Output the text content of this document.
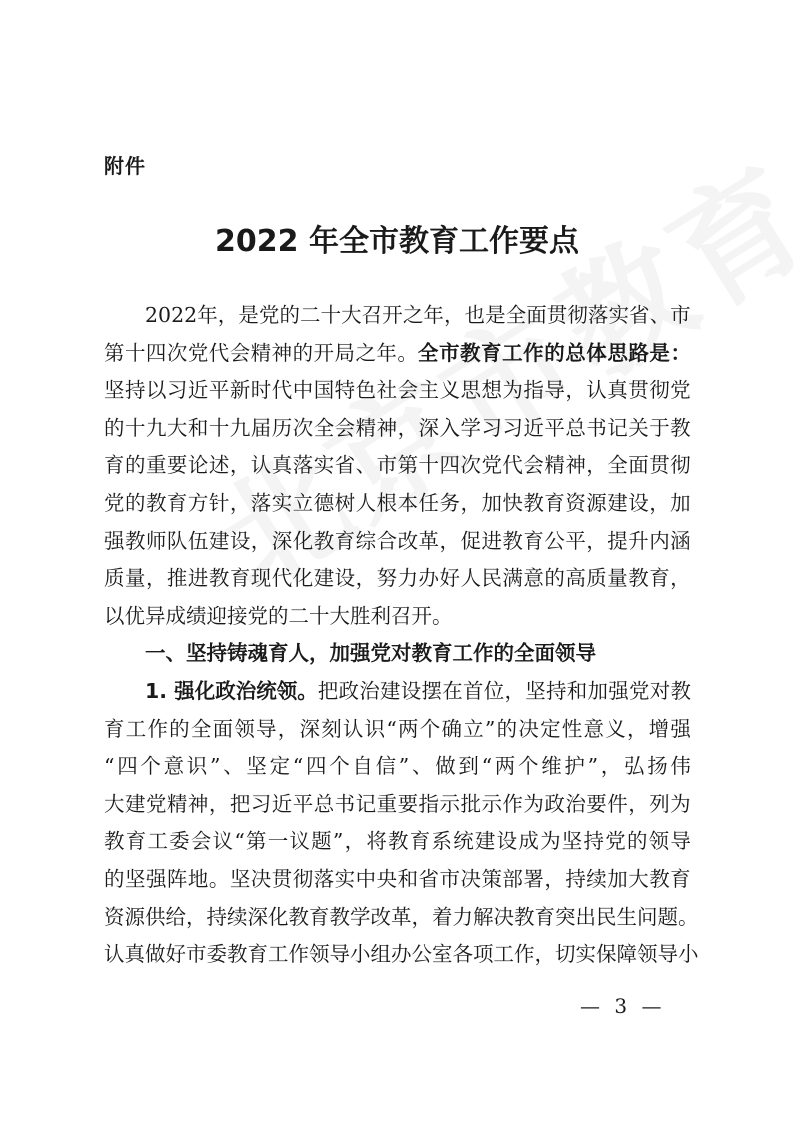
附件
2022 年全市教育工作要点
2022 年 ， 是 党 的 二 十 大 召 开 之 年 ， 也 是 全 面 贯 彻 落 实 省 、 市
第 十 四 次 党 代 会 精 神 的 开 局 之 年 。 全 市 教 育 工 作 的 总 体 思 路 是 ：
坚 持 以 习 近 平 新 时 代 中 国 特 色 社 会 主 义 思 想 为 指 导 ， 认 真 贯 彻 党
的 十 九 大 和 十 九 届 历 次 全 会 精 神 ， 深 入 学 习 习 近 平 总 书 记 关 于 教
育 的 重 要 论 述 ， 认 真 落 实 省 、 市 第 十 四 次 党 代 会 精 神 ， 全 面 贯 彻
党 的 教 育 方 针 ， 落 实 立 德 树 人 根 本 任 务 ， 加 快 教 育 资 源 建 设 ， 加
强 教 师 队 伍 建 设 ， 深 化 教 育 综 合 改 革 ， 促 进 教 育 公 平 ， 提 升 内 涵
质 量 ， 推 进 教 育 现 代 化 建 设 ， 努 力 办 好 人 民 满 意 的 高 质 量 教 育 ，
以优异成绩迎接党的二十大胜利召开。
一、坚持铸魂育人，加强党对教育工作的全面领导
1. 强化政治统领。 把 政 治 建 设 摆 在 首 位 ， 坚 持 和 加 强 党 对 教
育 工 作 的 全 面 领 导 ， 深 刻 认 识 “ 两 个 确 立 ” 的 决 定 性 意 义 ， 增 强
“ 四 个 意 识 ” 、 坚 定 “ 四 个 自 信 ” 、 做 到 “ 两 个 维 护 ” ， 弘 扬 伟
大 建 党 精 神 ， 把 习 近 平 总 书 记 重 要 指 示 批 示 作 为 政 治 要 件 ， 列 为
教 育 工 委 会 议 “ 第 一 议 题 ” ， 将 教 育 系 统 建 设 成 为 坚 持 党 的 领 导
的 坚 强 阵 地 。 坚 决 贯 彻 落 实 中 央 和 省 市 决 策 部 署 ， 持 续 加 大 教 育
资 源 供 给 ， 持 续 深 化 教 育 教 学 改 革 ， 着 力 解 决 教 育 突 出 民 生 问 题 。
认 真 做 好 市 委 教 育 工 作 领 导 小 组 办 公 室 各 项 工 作 ， 切 实 保 障 领 导 小
— 3 —
